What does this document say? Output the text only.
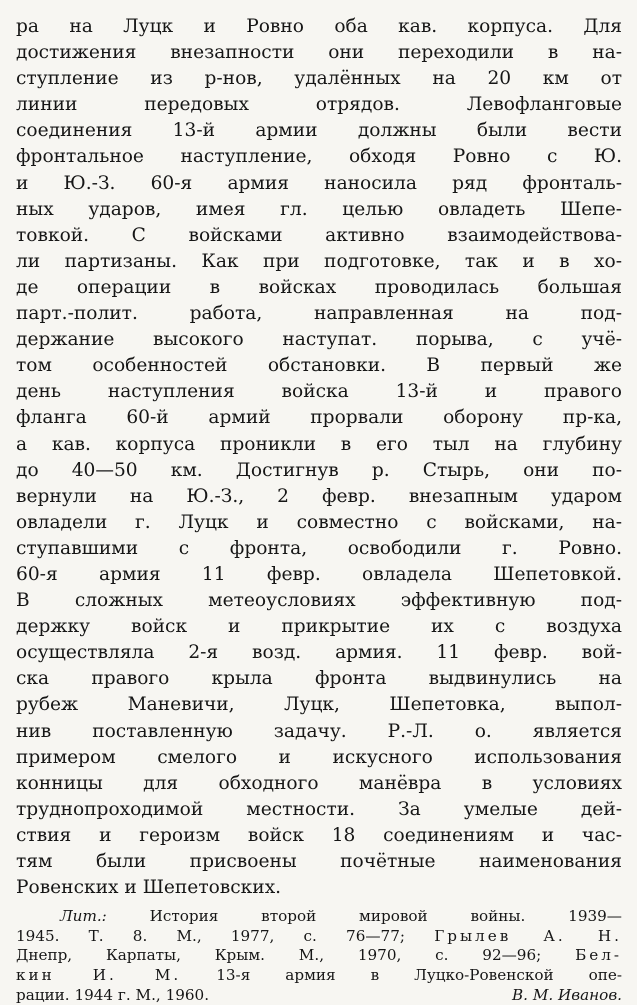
ра на Луцк и Ровно оба кав. корпуса. Для
достижения внезапности они переходили в на-
ступление из р-нов, удалённых на 20 км от
линии передовых отрядов. Левофланговые
соединения 13-й армии должны были вести
фронтальное наступление, обходя Ровно с Ю.
и Ю.-З. 60-я армия наносила ряд фронталь-
ных ударов, имея гл. целью овладеть Шепе-
товкой. С войсками активно взаимодействова-
ли партизаны. Как при подготовке, так и в хо-
де операции в войсках проводилась большая
парт.-полит. работа, направленная на под-
держание высокого наступат. порыва, с учё-
том особенностей обстановки. В первый же
день наступления войска 13-й и правого
фланга 60-й армий прорвали оборону пр-ка,
а кав. корпуса проникли в его тыл на глубину
до 40—50 км. Достигнув р. Стырь, они по-
вернули на Ю.-З., 2 февр. внезапным ударом
овладели г. Луцк и совместно с войсками, на-
ступавшими с фронта, освободили г. Ровно.
60-я армия 11 февр. овладела Шепетовкой.
В сложных метеоусловиях эффективную под-
держку войск и прикрытие их с воздуха
осуществляла 2-я возд. армия. 11 февр. вой-
ска правого крыла фронта выдвинулись на
рубеж Маневичи, Луцк, Шепетовка, выпол-
нив поставленную задачу. Р.-Л. о. является
примером смелого и искусного использования
конницы для обходного манёвра в условиях
труднопроходимой местности. За умелые дей-
ствия и героизм войск 18 соединениям и час-
тям были присвоены почётные наименования
Ровенских и Шепетовских.
Лит.:	История второй мировой войны. 1939—
1945. Т. 8. М., 1977, с. 76—77; Грылев А. Н.
Днепр, Карпаты, Крым. М., 1970, с. 92—96; Бел-
кин И. М. 13-я армия в Луцко-Ровенской опе-
рации. 1944 г. М., 1960.	В. М. Иванов.
